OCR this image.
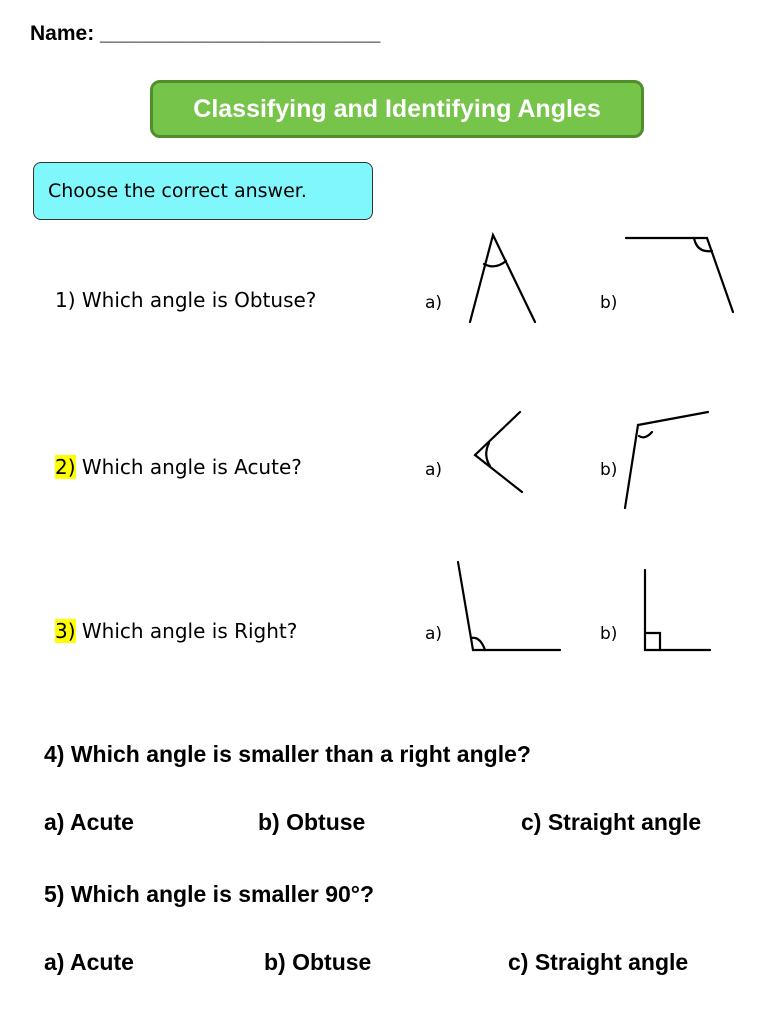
Name: ________________________
Classifying and Identifying Angles
Choose the correct answer.
1) Which angle is Obtuse?	a)	b)
2) Which angle is Acute?	a)	b)
3) Which angle is Right?	a)	b)
4) Which angle is smaller than a right angle?
a) Acute	b) Obtuse	c) Straight angle
5) Which angle is smaller 90°?
a) Acute	b) Obtuse	c) Straight angle
